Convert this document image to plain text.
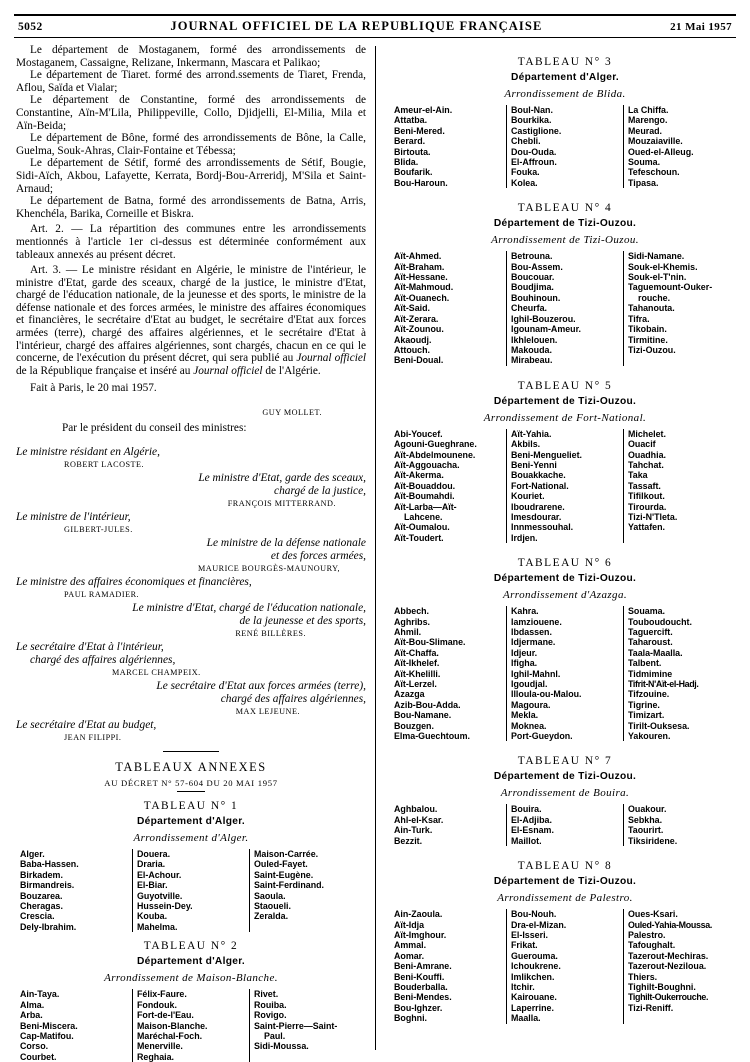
5052	JOURNAL OFFICIEL DE LA REPUBLIQUE FRANÇAISE	21 Mai 1957

Le département de Mostaganem, formé des arrondissements de Mostaganem, Cassaigne, Relizane, Inkermann, Mascara et Palikao;

Le département de Tiaret. formé des arrond.ssements de Tiaret, Frenda, Aflou, Saïda et Vialar;

Le département de Constantine, formé des arrondissements de Constantine, Aïn-M'Lila, Philippeville, Collo, Djidjelli, El-Milia, Mila et Aïn-Beida;

Le département de Bône, formé des arrondissements de Bône, la Calle, Guelma, Souk-Ahras, Clair-Fontaine et Tébessa;

Le département de Sétif, formé des arrondissements de Sétif, Bougie, Sidi-Aïch, Akbou, Lafayette, Kerrata, Bordj-Bou-Arreridj, M'Sila et Saint-Arnaud;

Le département de Batna, formé des arrondissements de Batna, Arris, Khenchéla, Barika, Corneille et Biskra.

Art. 2. — La répartition des communes entre les arrondissements mentionnés à l'article 1er ci-dessus est déterminée conformément aux tableaux annexés au présent décret.

Art. 3. — Le ministre résidant en Algérie, le ministre de l'intérieur, le ministre d'Etat, garde des sceaux, chargé de la justice, le ministre d'Etat, chargé de l'éducation nationale, de la jeunesse et des sports, le ministre de la défense nationale et des forces armées, le ministre des affaires économiques et financières, le secrétaire d'Etat au budget, le secrétaire d'Etat aux forces armées (terre), chargé des affaires algériennes, et le secrétaire d'Etat à l'intérieur, chargé des affaires algériennes, sont chargés, chacun en ce qui le concerne, de l'exécution du présent décret, qui sera publié au Journal officiel de la République française et inséré au Journal officiel de l'Algérie.

Fait à Paris, le 20 mai 1957.

GUY MOLLET.

Par le président du conseil des ministres:

Le ministre résidant en Algérie,
ROBERT LACOSTE.
Le ministre d'Etat, garde des sceaux,
chargé de la justice,
FRANÇOIS MITTERRAND.
Le ministre de l'intérieur,
GILBERT-JULES.
Le ministre de la défense nationale
et des forces armées,
MAURICE BOURGÈS-MAUNOURY,
Le ministre des affaires économiques et financières,
PAUL RAMADIER.
Le ministre d'Etat, chargé de l'éducation nationale,
de la jeunesse et des sports,
RENÉ BILLÈRES.
Le secrétaire d'Etat à l'intérieur,
chargé des affaires algériennes,
MARCEL CHAMPEIX.
Le secrétaire d'Etat aux forces armées (terre),
chargé des affaires algériennes,
MAX LEJEUNE.
Le secrétaire d'Etat au budget,
JEAN FILIPPI.
TABLEAUX ANNEXES
AU DÉCRET N° 57-604 DU 20 MAI 1957
TABLEAU N° 1
Département d'Alger.
Arrondissement d'Alger.
Alger.
Baba-Hassen.
Birkadem.
Birmandreis.
Bouzarea.
Cheragas.
Crescia.
Dely-Ibrahim.
Douera.
Draria.
El-Achour.
El-Biar.
Guyotville.
Hussein-Dey.
Kouba.
Mahelma.
Maison-Carrée.
Ouled-Fayet.
Saint-Eugène.
Saint-Ferdinand.
Saoula.
Staoueli.
Zeralda.
TABLEAU N° 2
Département d'Alger.
Arrondissement de Maison-Blanche.
Ain-Taya.
Alma.
Arba.
Beni-Miscera.
Cap-Matifou.
Corso.
Courbet.
Félix-Faure.
Fondouk.
Fort-de-l'Eau.
Maison-Blanche.
Maréchal-Foch.
Menerville.
Reghaia.
Rivet.
Rouiba.
Rovigo.
Saint-Pierre—Saint-
Paul.
Sidi-Moussa.
TABLEAU N° 3
Département d'Alger.
Arrondissement de Blida.
Ameur-el-Ain.
Attatba.
Beni-Mered.
Berard.
Birtouta.
Blida.
Boufarik.
Bou-Haroun.
Boul-Nan.
Bourkika.
Castiglione.
Chebli.
Dou-Ouda.
El-Affroun.
Fouka.
Kolea.
La Chiffa.
Marengo.
Meurad.
Mouzaiaville.
Oued-el-Alleug.
Souma.
Tefeschoun.
Tipasa.
TABLEAU N° 4
Département de Tizi-Ouzou.
Arrondissement de Tizi-Ouzou.
Aït-Ahmed.
Aït-Braham.
Aït-Hessane.
Aït-Mahmoud.
Aït-Ouanech.
Aït-Said.
Aït-Zerara.
Aït-Zounou.
Akaoudj.
Attouch.
Beni-Doual.
Betrouna.
Bou-Assem.
Boucouar.
Boudjima.
Bouhinoun.
Cheurfa.
Ighil-Bouzerou.
Igounam-Ameur.
Ikhlelouen.
Makouda.
Mirabeau.
Sidi-Namane.
Souk-el-Khemis.
Souk-el-T'nin.
Taguemount-Ouker-
rouche.
Tahanouta.
Tifra.
Tikobain.
Tirmitine.
Tizi-Ouzou.
TABLEAU N° 5
Département de Tizi-Ouzou.
Arrondissement de Fort-National.
Abi-Youcef.
Agouni-Gueghrane.
Aït-Abdelmounene.
Aït-Aggouacha.
Aït-Akerma.
Aït-Bouaddou.
Aït-Boumahdi.
Aït-Larba—Aït-
Lahcene.
Aït-Oumalou.
Aït-Toudert.
Aït-Yahia.
Akbils.
Beni-Mengueliet.
Beni-Yenni
Bouakkache.
Fort-National.
Kouriet.
Iboudrarene.
Imesdourar.
Innmessouhal.
Irdjen.
Michelet.
Ouacif
Ouadhia.
Tahchat.
Taka
Tassaft.
Tifilkout.
Tirourda.
Tizi-N'Tleta.
Yattafen.
TABLEAU N° 6
Département de Tizi-Ouzou.
Arrondissement d'Azazga.
Abbech.
Aghribs.
Ahmil.
Aït-Bou-Slimane.
Aït-Chaffa.
Aït-Ikhelef.
Aït-Khelilli.
Aït-Lerzel.
Azazga
Azib-Bou-Adda.
Bou-Namane.
Bouzgen.
Elma-Guechtoum.
Kahra.
Iamziouene.
Ibdassen.
Idjermane.
Idjeur.
Ifigha.
Ighil-Mahnl.
Igoudjal.
Illoula-ou-Malou.
Magoura.
Mekla.
Moknea.
Port-Gueydon.
Souama.
Touboudoucht.
Taguercift.
Taharoust.
Taala-Maalla.
Talbent.
Tidmimine
Tifrit-N'Aït-el-Hadj.
Tifzouine.
Tigrine.
Timizart.
Tirilt-Ouksesa.
Yakouren.
TABLEAU N° 7
Département de Tizi-Ouzou.
Arrondissement de Bouira.
Aghbalou.
Ahl-el-Ksar.
Ain-Turk.
Bezzit.
Bouira.
El-Adjiba.
El-Esnam.
Maillot.
Ouakour.
Sebkha.
Taourirt.
Tiksiridene.
TABLEAU N° 8
Département de Tizi-Ouzou.
Arrondissement de Palestro.
Ain-Zaoula.
Aït-Idja
Aït-Imghour.
Ammal.
Aomar.
Beni-Amrane.
Beni-Kouffi.
Bouderballa.
Beni-Mendes.
Bou-Ighzer.
Boghni.
Bou-Nouh.
Dra-el-Mizan.
El-Isseri.
Frikat.
Guerouma.
Ichoukrene.
Imlikchen.
Itchir.
Kairouane.
Laperrine.
Maalla.
Oues-Ksari.
Ouled-Yahia-Moussa.
Palestro.
Tafoughalt.
Tazerout-Mechiras.
Tazerout-Neziloua.
Thiers.
Tighilt-Boughni.
Tighilt-Oukerrouche.
Tizi-Reniff.
